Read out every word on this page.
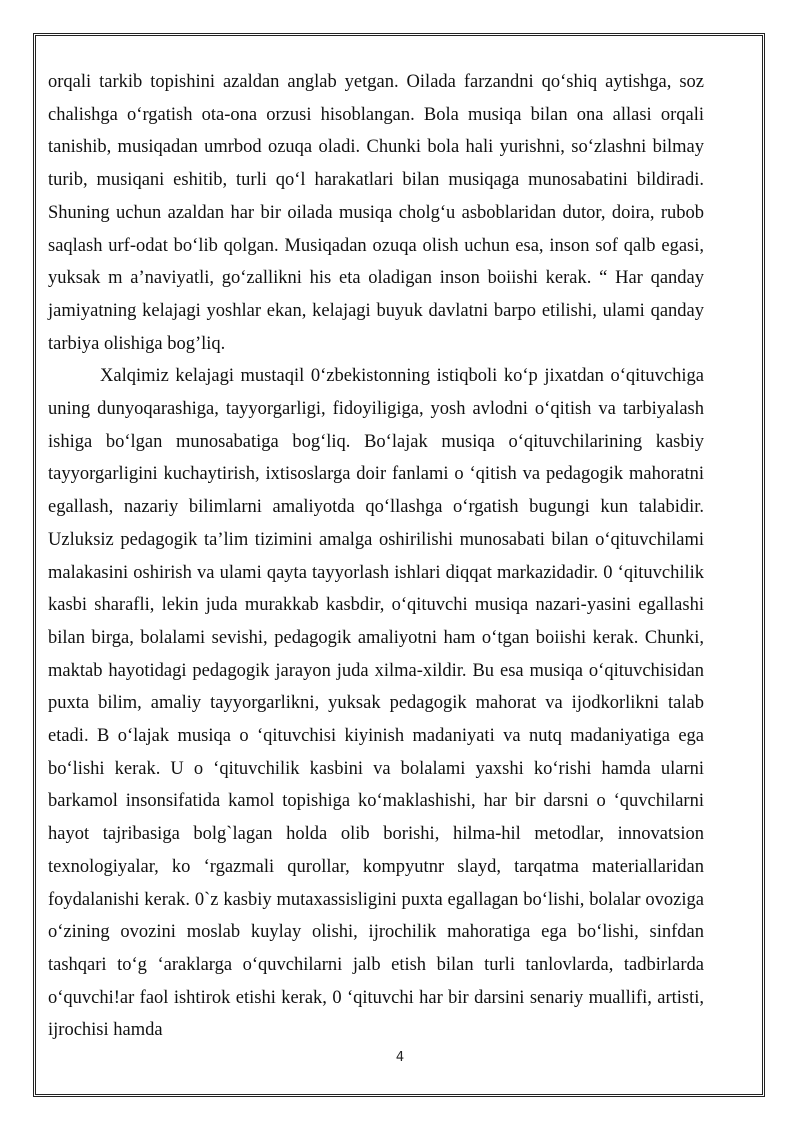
orqali tarkib topishini azaldan anglab yetgan. Oilada farzandni qo‘shiq aytishga, soz chalishga o‘rgatish ota-ona orzusi hisoblangan. Bola musiqa bilan ona allasi orqali tanishib, musiqadan umrbod ozuqa oladi. Chunki bola hali yurishni, so‘zlashni bilmay turib, musiqani eshitib, turli qo‘l harakatlari bilan musiqaga munosabatini bildiradi. Shuning uchun azaldan har bir oilada musiqa cholg‘u asboblaridan dutor, doira, rubob saqlash urf-odat bo‘lib qolgan. Musiqadan ozuqa olish uchun esa, inson sof qalb egasi, yuksak m a’naviyatli, go‘zallikni his eta oladigan inson boiishi kerak. “ Har qanday jamiyatning kelajagi yoshlar ekan, kelajagi buyuk davlatni barpo etilishi, ulami qanday tarbiya olishiga bog’liq.

Xalqimiz kelajagi mustaqil 0‘zbekistonning istiqboli ko‘p jixatdan o‘qituvchiga uning dunyoqarashiga, tayyorgarligi, fidoyiligiga, yosh avlodni o‘qitish va tarbiyalash ishiga bo‘lgan munosabatiga bog‘liq. Bo‘lajak musiqa o‘qituvchilarining kasbiy tayyorgarligini kuchaytirish, ixtisoslarga doir fanlami o ‘qitish va pedagogik mahoratni egallash, nazariy bilimlarni amaliyotda qo‘llashga o‘rgatish bugungi kun talabidir. Uzluksiz pedagogik ta’lim tizimini amalga oshirilishi munosabati bilan o‘qituvchilami malakasini oshirish va ulami qayta tayyorlash ishlari diqqat markazidadir. 0 ‘qituvchilik kasbi sharafli, lekin juda murakkab kasbdir, o‘qituvchi musiqa nazari-yasini egallashi bilan birga, bolalami sevishi, pedagogik amaliyotni ham o‘tgan boiishi kerak. Chunki, maktab hayotidagi pedagogik jarayon juda xilma-xildir. Bu esa musiqa o‘qituvchisidan puxta bilim, amaliy tayyorgarlikni, yuksak pedagogik mahorat va ijodkorlikni talab etadi. B o‘lajak musiqa o ‘qituvchisi kiyinish madaniyati va nutq madaniyatiga ega bo‘lishi kerak. U o ‘qituvchilik kasbini va bolalami yaxshi ko‘rishi hamda ularni barkamol insonsifatida kamol topishiga ko‘maklashishi, har bir darsni o ‘quvchilarni hayot tajribasiga bolg`lagan holda olib borishi, hilma-hil metodlar, innovatsion texnologiyalar, ko ‘rgazmali qurollar, kompyutnr slayd, tarqatma materiallaridan foydalanishi kerak. 0`z kasbiy mutaxassisligini puxta egallagan bo‘lishi, bolalar ovoziga o‘zining ovozini moslab kuylay olishi, ijrochilik mahoratiga ega bo‘lishi, sinfdan tashqari to‘g ‘araklarga o‘quvchilarni jalb etish bilan turli tanlovlarda, tadbirlarda o‘quvchi!ar faol ishtirok etishi kerak, 0 ‘qituvchi har bir darsini senariy muallifi, artisti, ijrochisi hamda

4
